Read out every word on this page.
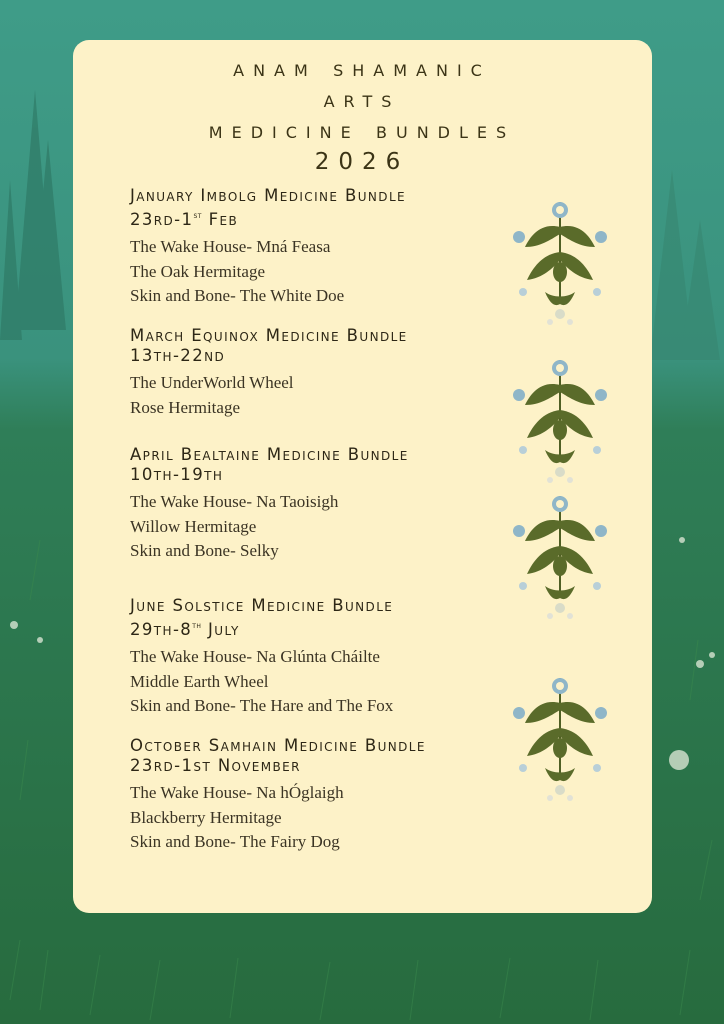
anam shamanic
arts
medicine bundles
2026
January Imbolg Medicine Bundle
23rd-1st Feb
The Wake House- Mná Feasa
The Oak Hermitage
Skin and Bone- The White Doe
March Equinox Medicine Bundle
13th-22nd
The UnderWorld Wheel
Rose Hermitage
April Bealtaine Medicine Bundle
10th-19th
The Wake House- Na Taoisigh
Willow Hermitage
Skin and Bone- Selky
June Solstice Medicine Bundle
29th-8th July
The Wake House- Na Glúnta Cháilte
Middle Earth Wheel
Skin and Bone- The Hare and The Fox
October Samhain Medicine Bundle
23rd-1st November
The Wake House- Na hÓglaigh
Blackberry Hermitage
Skin and Bone- The Fairy Dog
